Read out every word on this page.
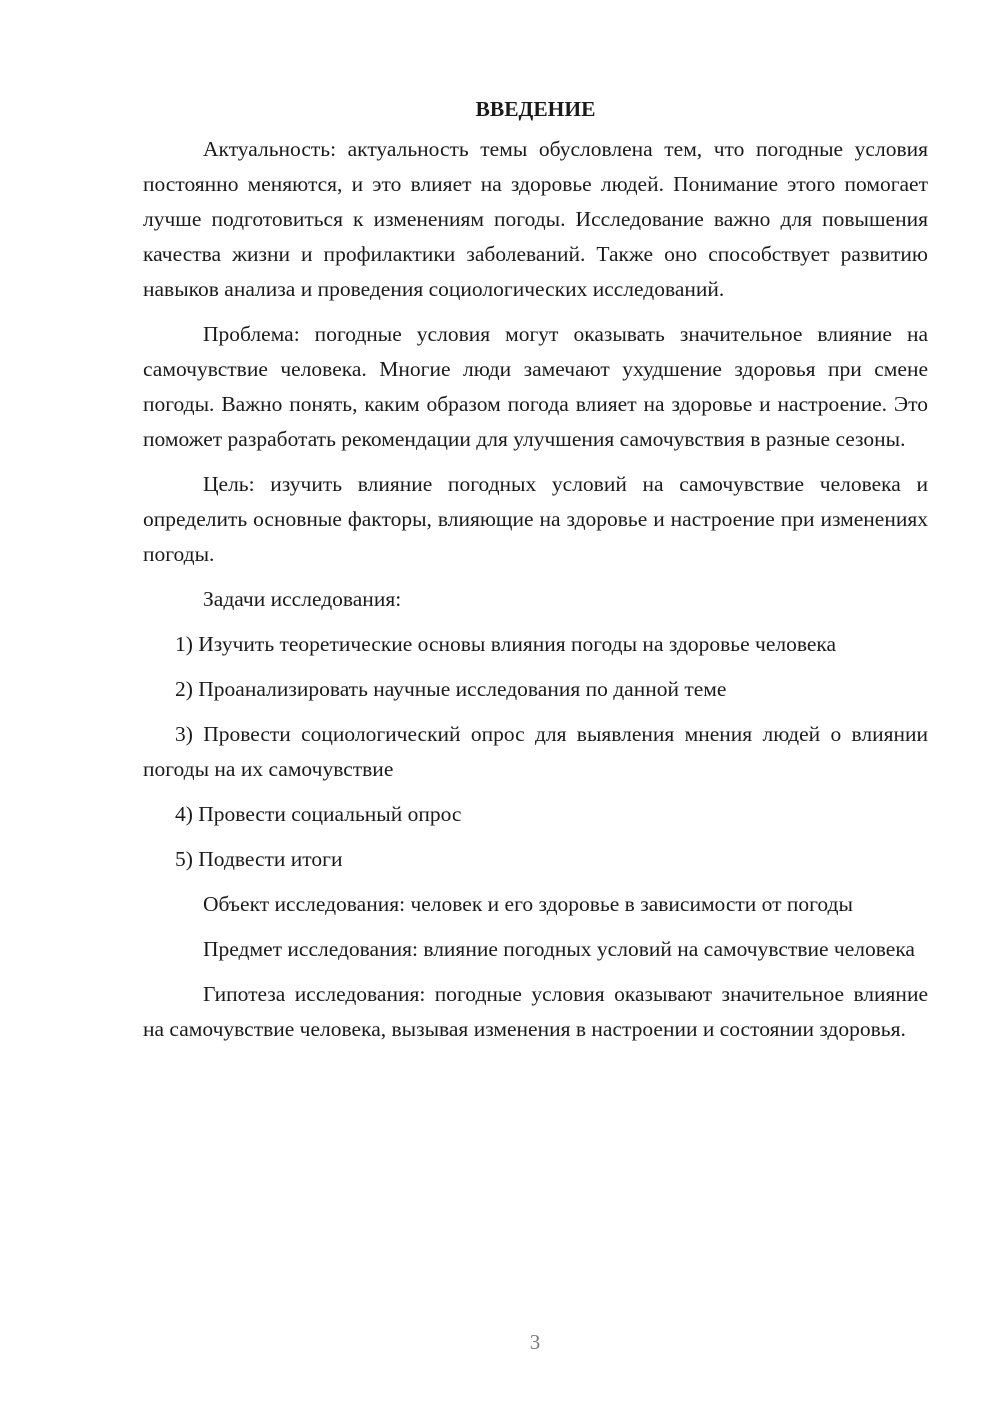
ВВЕДЕНИЕ

Актуальность: актуальность темы обусловлена тем, что погодные условия постоянно меняются, и это влияет на здоровье людей. Понимание этого помогает лучше подготовиться к изменениям погоды. Исследование важно для повышения качества жизни и профилактики заболеваний. Также оно способствует развитию навыков анализа и проведения социологических исследований.

Проблема: погодные условия могут оказывать значительное влияние на самочувствие человека. Многие люди замечают ухудшение здоровья при смене погоды. Важно понять, каким образом погода влияет на здоровье и настроение. Это поможет разработать рекомендации для улучшения самочувствия в разные сезоны.

Цель: изучить влияние погодных условий на самочувствие человека и определить основные факторы, влияющие на здоровье и настроение при изменениях погоды.

Задачи исследования:

1) Изучить теоретические основы влияния погоды на здоровье человека

2) Проанализировать научные исследования по данной теме

3) Провести социологический опрос для выявления мнения людей о влиянии погоды на их самочувствие

4) Провести социальный опрос

5) Подвести итоги

Объект исследования: человек и его здоровье в зависимости от погоды

Предмет исследования: влияние погодных условий на самочувствие человека

Гипотеза исследования: погодные условия оказывают значительное влияние на самочувствие человека, вызывая изменения в настроении и состоянии здоровья.

3
